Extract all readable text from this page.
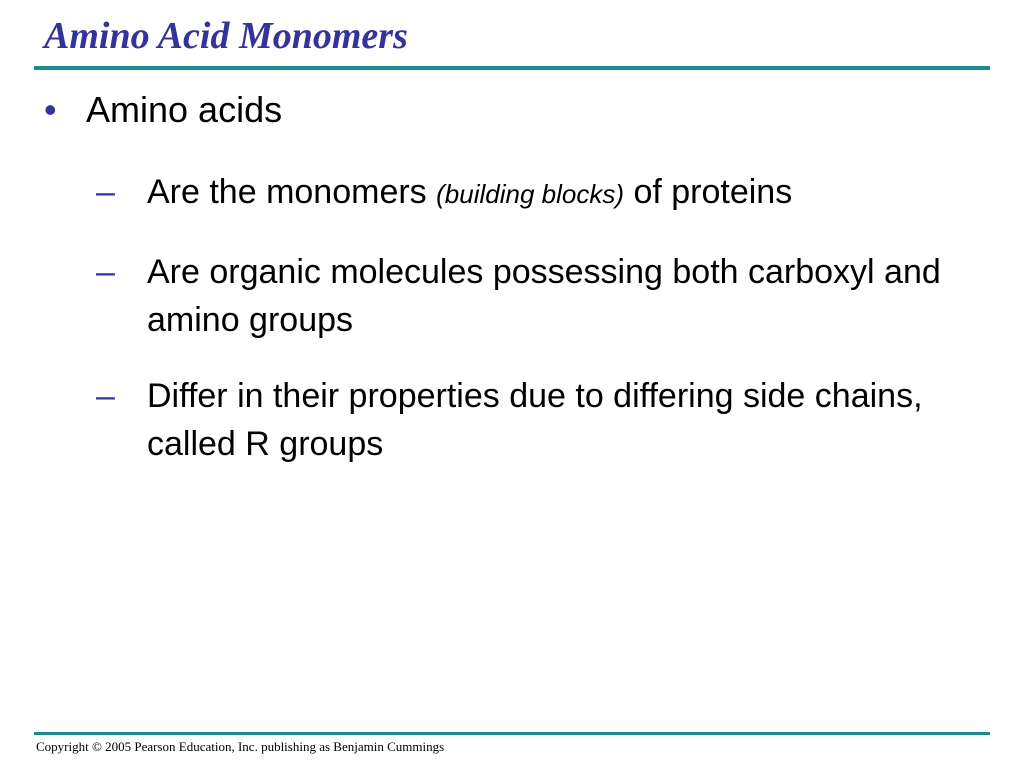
Amino Acid Monomers
• Amino acids
– Are the monomers (building blocks) of proteins
– Are organic molecules possessing both carboxyl and amino groups
– Differ in their properties due to differing side chains, called R groups
Copyright © 2005 Pearson Education, Inc. publishing as Benjamin Cummings
